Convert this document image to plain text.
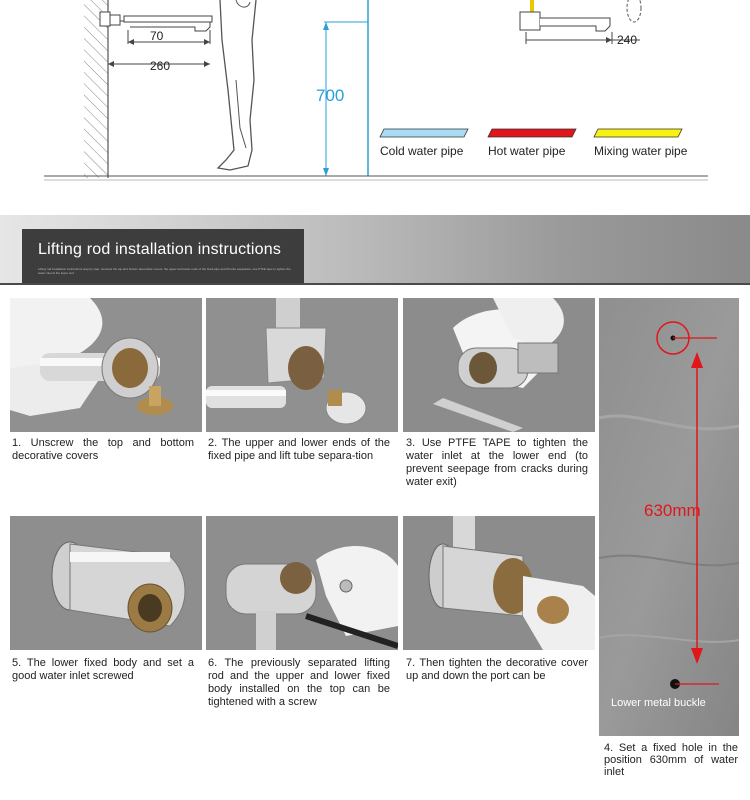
70
260
700
240
Cold water pipe Hot water pipe Mixing water pipe
Lifting rod installation instructions
Lifting rod installation instructions step by step: unscrew the top and bottom decorative covers, the upper and lower ends of the fixed pipe and lift tube separation, use PTFE tape to tighten the water inlet at the lower end
1. Unscrew the top and bottom decorative covers
2. The upper and lower ends of the fixed pipe and lift tube separa-tion
3. Use PTFE TAPE to tighten the water inlet at the lower end (to prevent seepage from cracks during water exit)
5. The lower fixed body and set a good water inlet screwed
6. The previously separated lifting rod and the upper and lower fixed body installed on the top can be tightened with a screw
7. Then tighten the decorative cover up and down the port can be
630mm
Lower metal buckle
4. Set a fixed hole in the position 630mm of water inlet
